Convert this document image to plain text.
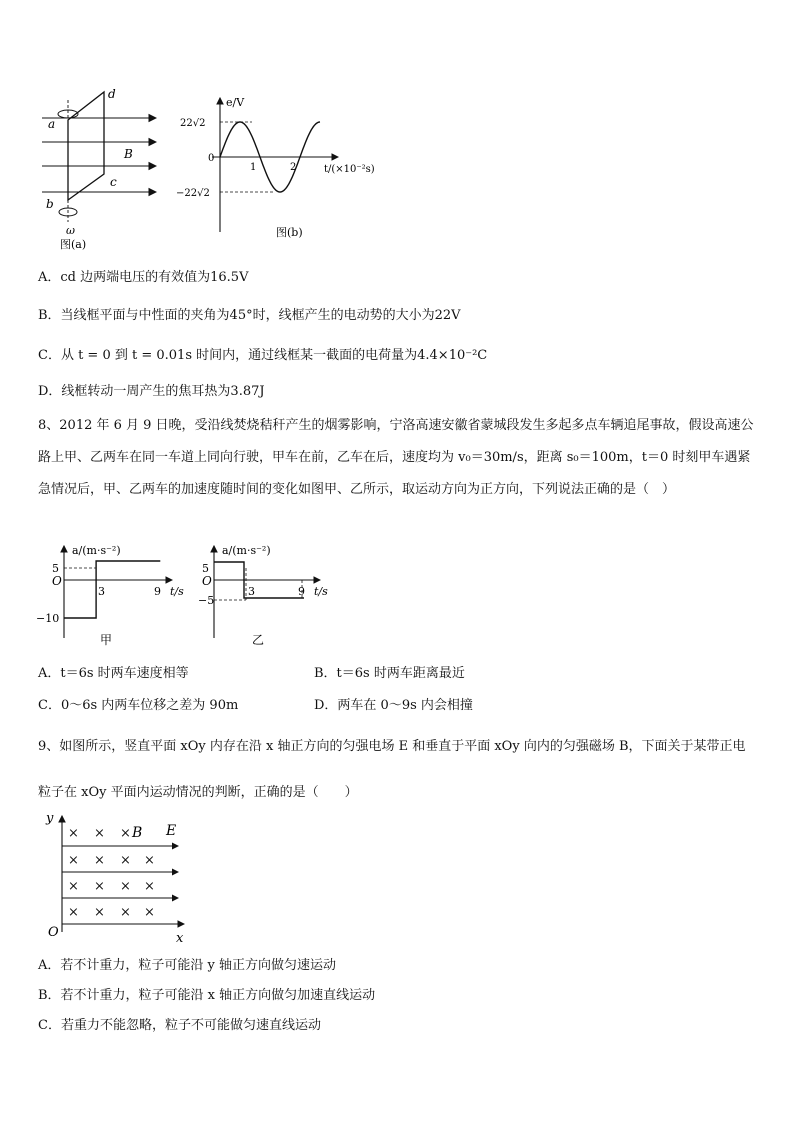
a
d
c
b
B
ω
图(a)
e/V
22√2
−22√2
0
1	2	t/(×10⁻²s)
图(b)
A．cd 边两端电压的有效值为16.5V
B．当线框平面与中性面的夹角为45°时，线框产生的电动势的大小为22V
C．从 t = 0 到 t = 0.01s 时间内，通过线框某一截面的电荷量为4.4×10⁻²C
D．线框转动一周产生的焦耳热为3.87J
8、2012 年 6 月 9 日晚，受沿线焚烧秸秆产生的烟雾影响，宁洛高速安徽省蒙城段发生多起多点车辆追尾事故，假设高速公路上甲、乙两车在同一车道上同向行驶，甲车在前，乙车在后，速度均为 v₀＝30m/s，距离 s₀＝100m，t＝0 时刻甲车遇紧急情况后，甲、乙两车的加速度随时间的变化如图甲、乙所示，取运动方向为正方向，下列说法正确的是（　）
a/(m·s⁻²)
5
O
−10
3	9 t/s
甲
a/(m·s⁻²)
5
O
−5
3	9 t/s
乙
A．t＝6s 时两车速度相等	B．t＝6s 时两车距离最近
C．0～6s 内两车位移之差为 90m	D．两车在 0～9s 内会相撞
9、如图所示，竖直平面 xOy 内存在沿 x 轴正方向的匀强电场 E 和垂直于平面 xOy 向内的匀强磁场 B，下面关于某带正电粒子在 xOy 平面内运动情况的判断，正确的是（　　）
× × ×
× × × ×
× × × ×
× × × ×
B E
y
x
O
A．若不计重力，粒子可能沿 y 轴正方向做匀速运动
B．若不计重力，粒子可能沿 x 轴正方向做匀加速直线运动
C．若重力不能忽略，粒子不可能做匀速直线运动
